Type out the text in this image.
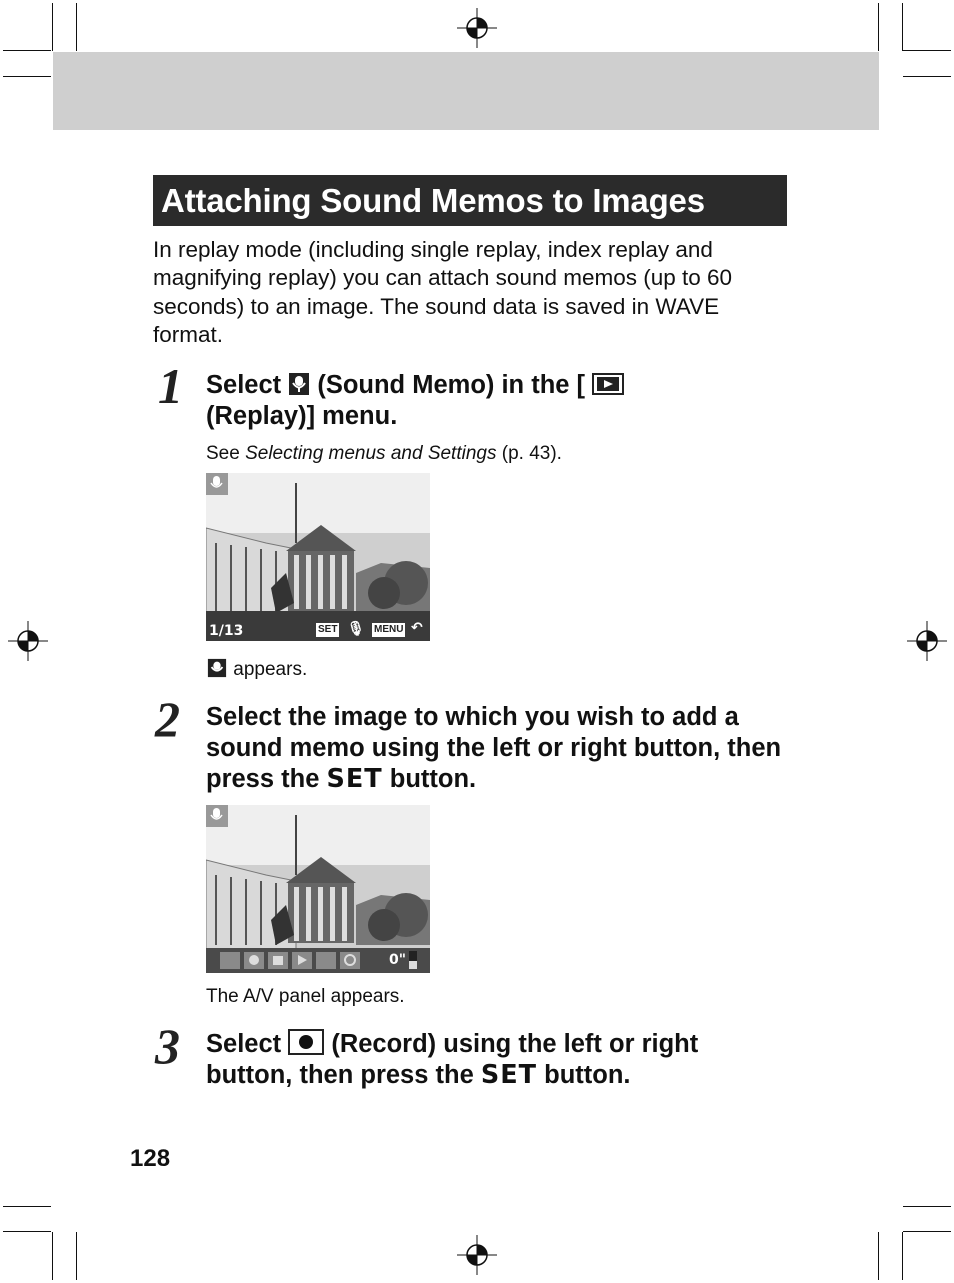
Attaching Sound Memos to Images

In replay mode (including single replay, index replay and magnifying replay) you can attach sound memos (up to 60 seconds) to an image. The sound data is saved in WAVE format.

1 Select (Sound Memo) in the [
(Replay)] menu.

See Selecting menus and Settings (p. 43).

1/13	SET 🎙 MENU ↶

appears.

2 Select the image to which you wish to add a sound memo using the left or right button, then press the SET button.
0"

The A/V panel appears.

3 Select (Record) using the left or right button, then press the SET button.
128
